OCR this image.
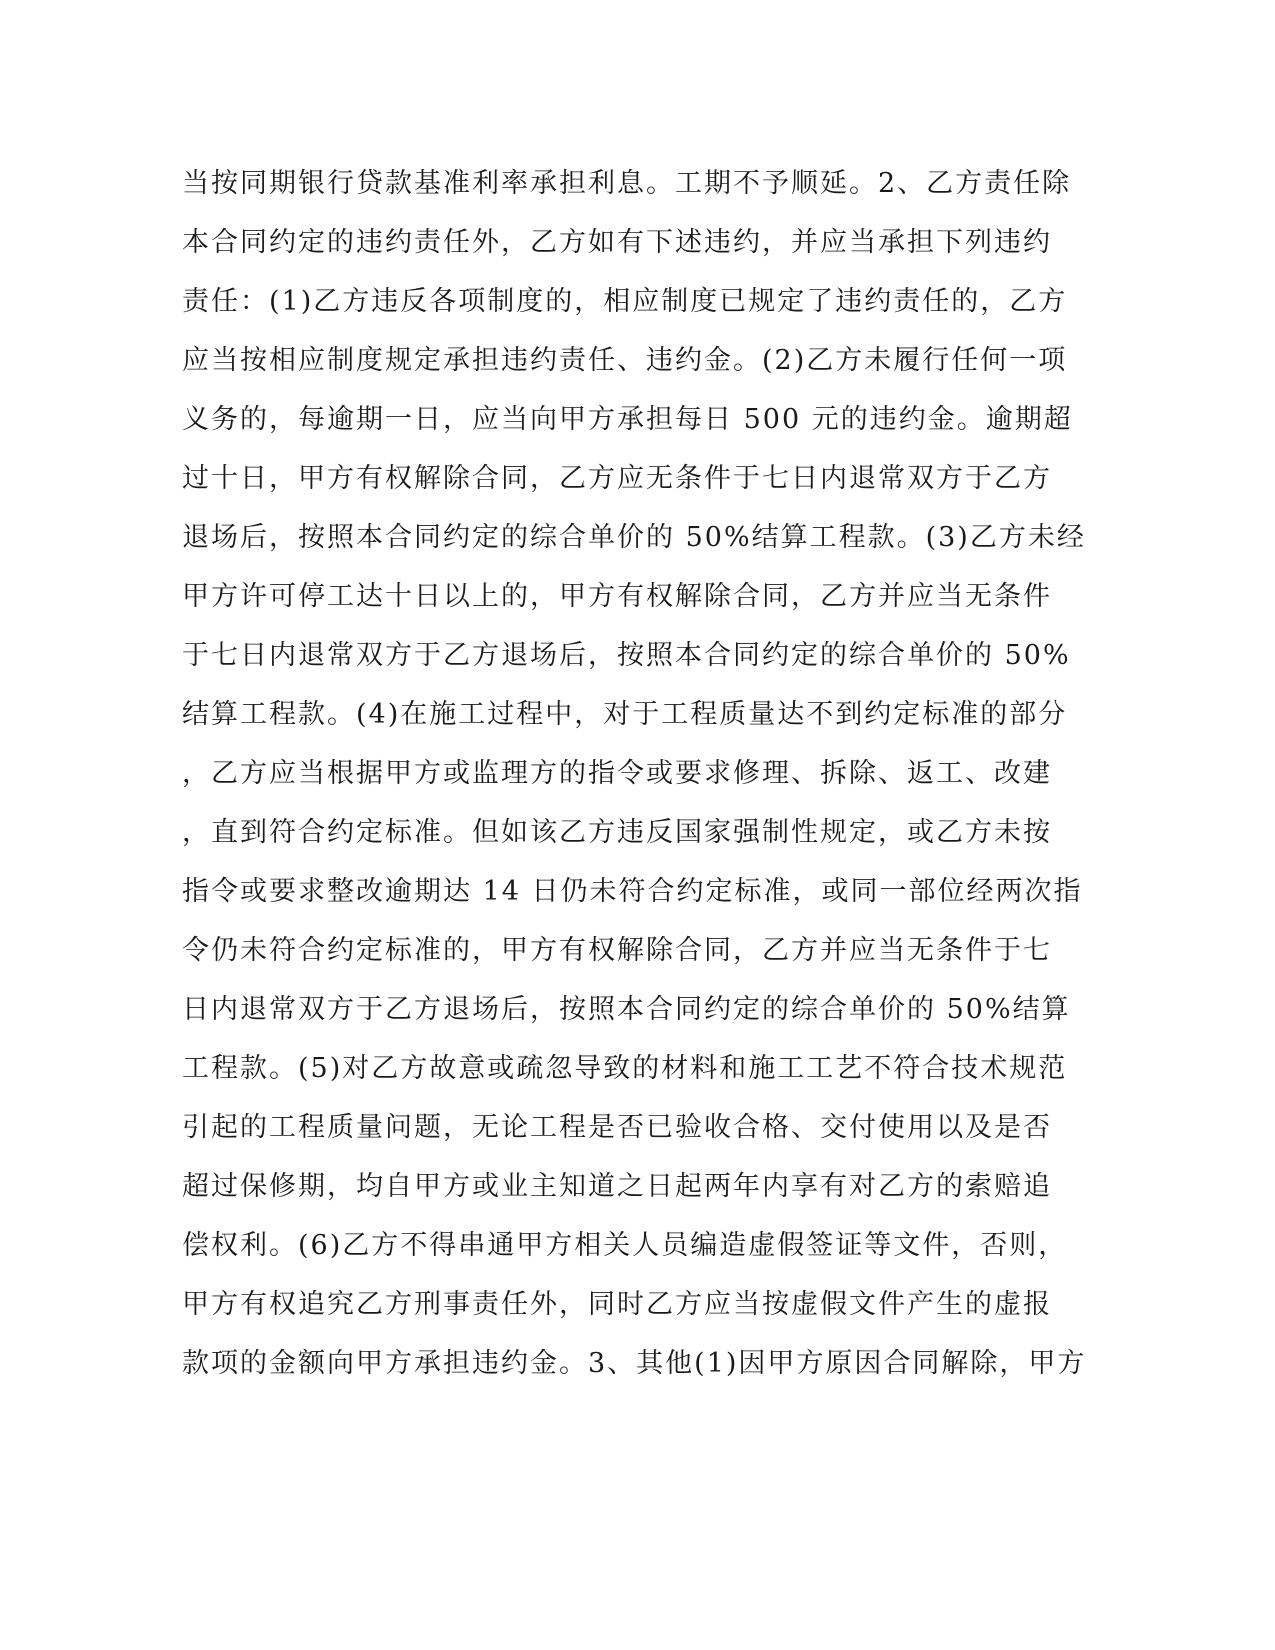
当按同期银行贷款基准利率承担利息。工期不予顺延。2、乙方责任除
本合同约定的违约责任外，乙方如有下述违约，并应当承担下列违约
责任：(1)乙方违反各项制度的，相应制度已规定了违约责任的，乙方
应当按相应制度规定承担违约责任、违约金。(2)乙方未履行任何一项
义务的，每逾期一日，应当向甲方承担每日 500 元的违约金。逾期超
过十日，甲方有权解除合同，乙方应无条件于七日内退常双方于乙方
退场后，按照本合同约定的综合单价的 50%结算工程款。(3)乙方未经
甲方许可停工达十日以上的，甲方有权解除合同，乙方并应当无条件
于七日内退常双方于乙方退场后，按照本合同约定的综合单价的 50%
结算工程款。(4)在施工过程中，对于工程质量达不到约定标准的部分
，乙方应当根据甲方或监理方的指令或要求修理、拆除、返工、改建
，直到符合约定标准。但如该乙方违反国家强制性规定，或乙方未按
指令或要求整改逾期达 14 日仍未符合约定标准，或同一部位经两次指
令仍未符合约定标准的，甲方有权解除合同，乙方并应当无条件于七
日内退常双方于乙方退场后，按照本合同约定的综合单价的 50%结算
工程款。(5)对乙方故意或疏忽导致的材料和施工工艺不符合技术规范
引起的工程质量问题，无论工程是否已验收合格、交付使用以及是否
超过保修期，均自甲方或业主知道之日起两年内享有对乙方的索赔追
偿权利。(6)乙方不得串通甲方相关人员编造虚假签证等文件，否则，
甲方有权追究乙方刑事责任外，同时乙方应当按虚假文件产生的虚报
款项的金额向甲方承担违约金。3、其他(1)因甲方原因合同解除，甲方
